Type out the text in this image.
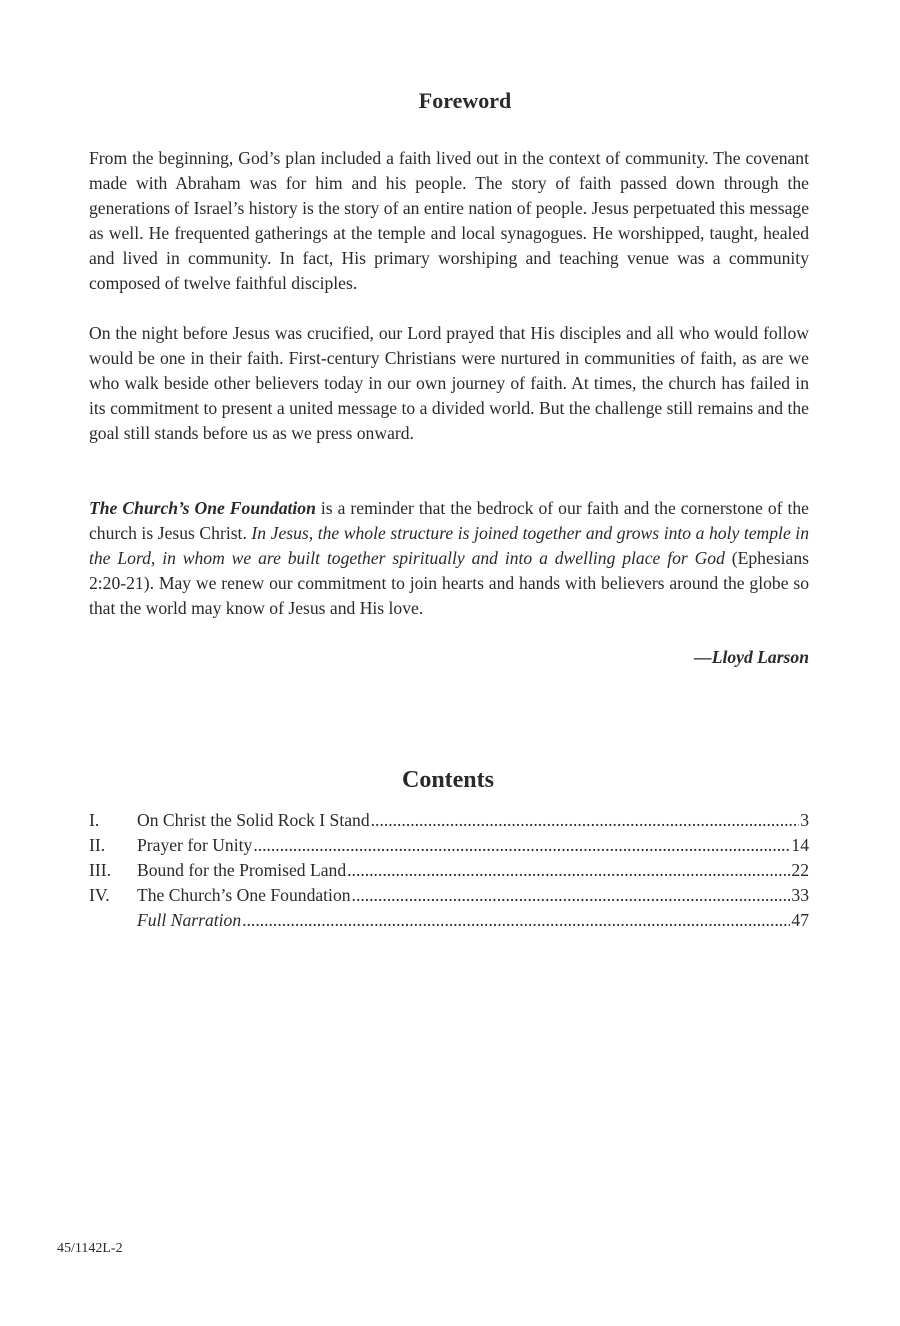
Foreword

From the beginning, God’s plan included a faith lived out in the context of community. The covenant made with Abraham was for him and his people. The story of faith passed down through the generations of Israel’s history is the story of an entire nation of people. Jesus perpetuated this message as well. He frequented gatherings at the temple and local synagogues. He worshipped, taught, healed and lived in community. In fact, His primary worshiping and teaching venue was a community composed of twelve faithful disciples.

On the night before Jesus was crucified, our Lord prayed that His disciples and all who would follow would be one in their faith. First-century Christians were nurtured in communities of faith, as are we who walk beside other believers today in our own journey of faith. At times, the church has failed in its commitment to present a united message to a divided world. But the challenge still remains and the goal still stands before us as we press onward.

The Church’s One Foundation is a reminder that the bedrock of our faith and the cornerstone of the church is Jesus Christ. In Jesus, the whole structure is joined together and grows into a holy temple in the Lord, in whom we are built together spiritually and into a dwelling place for God (Ephesians 2:20-21). May we renew our commitment to join hearts and hands with believers around the globe so that the world may know of Jesus and His love.

—Lloyd Larson

Contents
I.	On Christ the Solid Rock I Stand .....	3
II.	Prayer for Unity .....	14
III.	Bound for the Promised Land .....	22
IV.	The Church’s One Foundation .....	33
Full Narration .....	47

45/1142L-2
